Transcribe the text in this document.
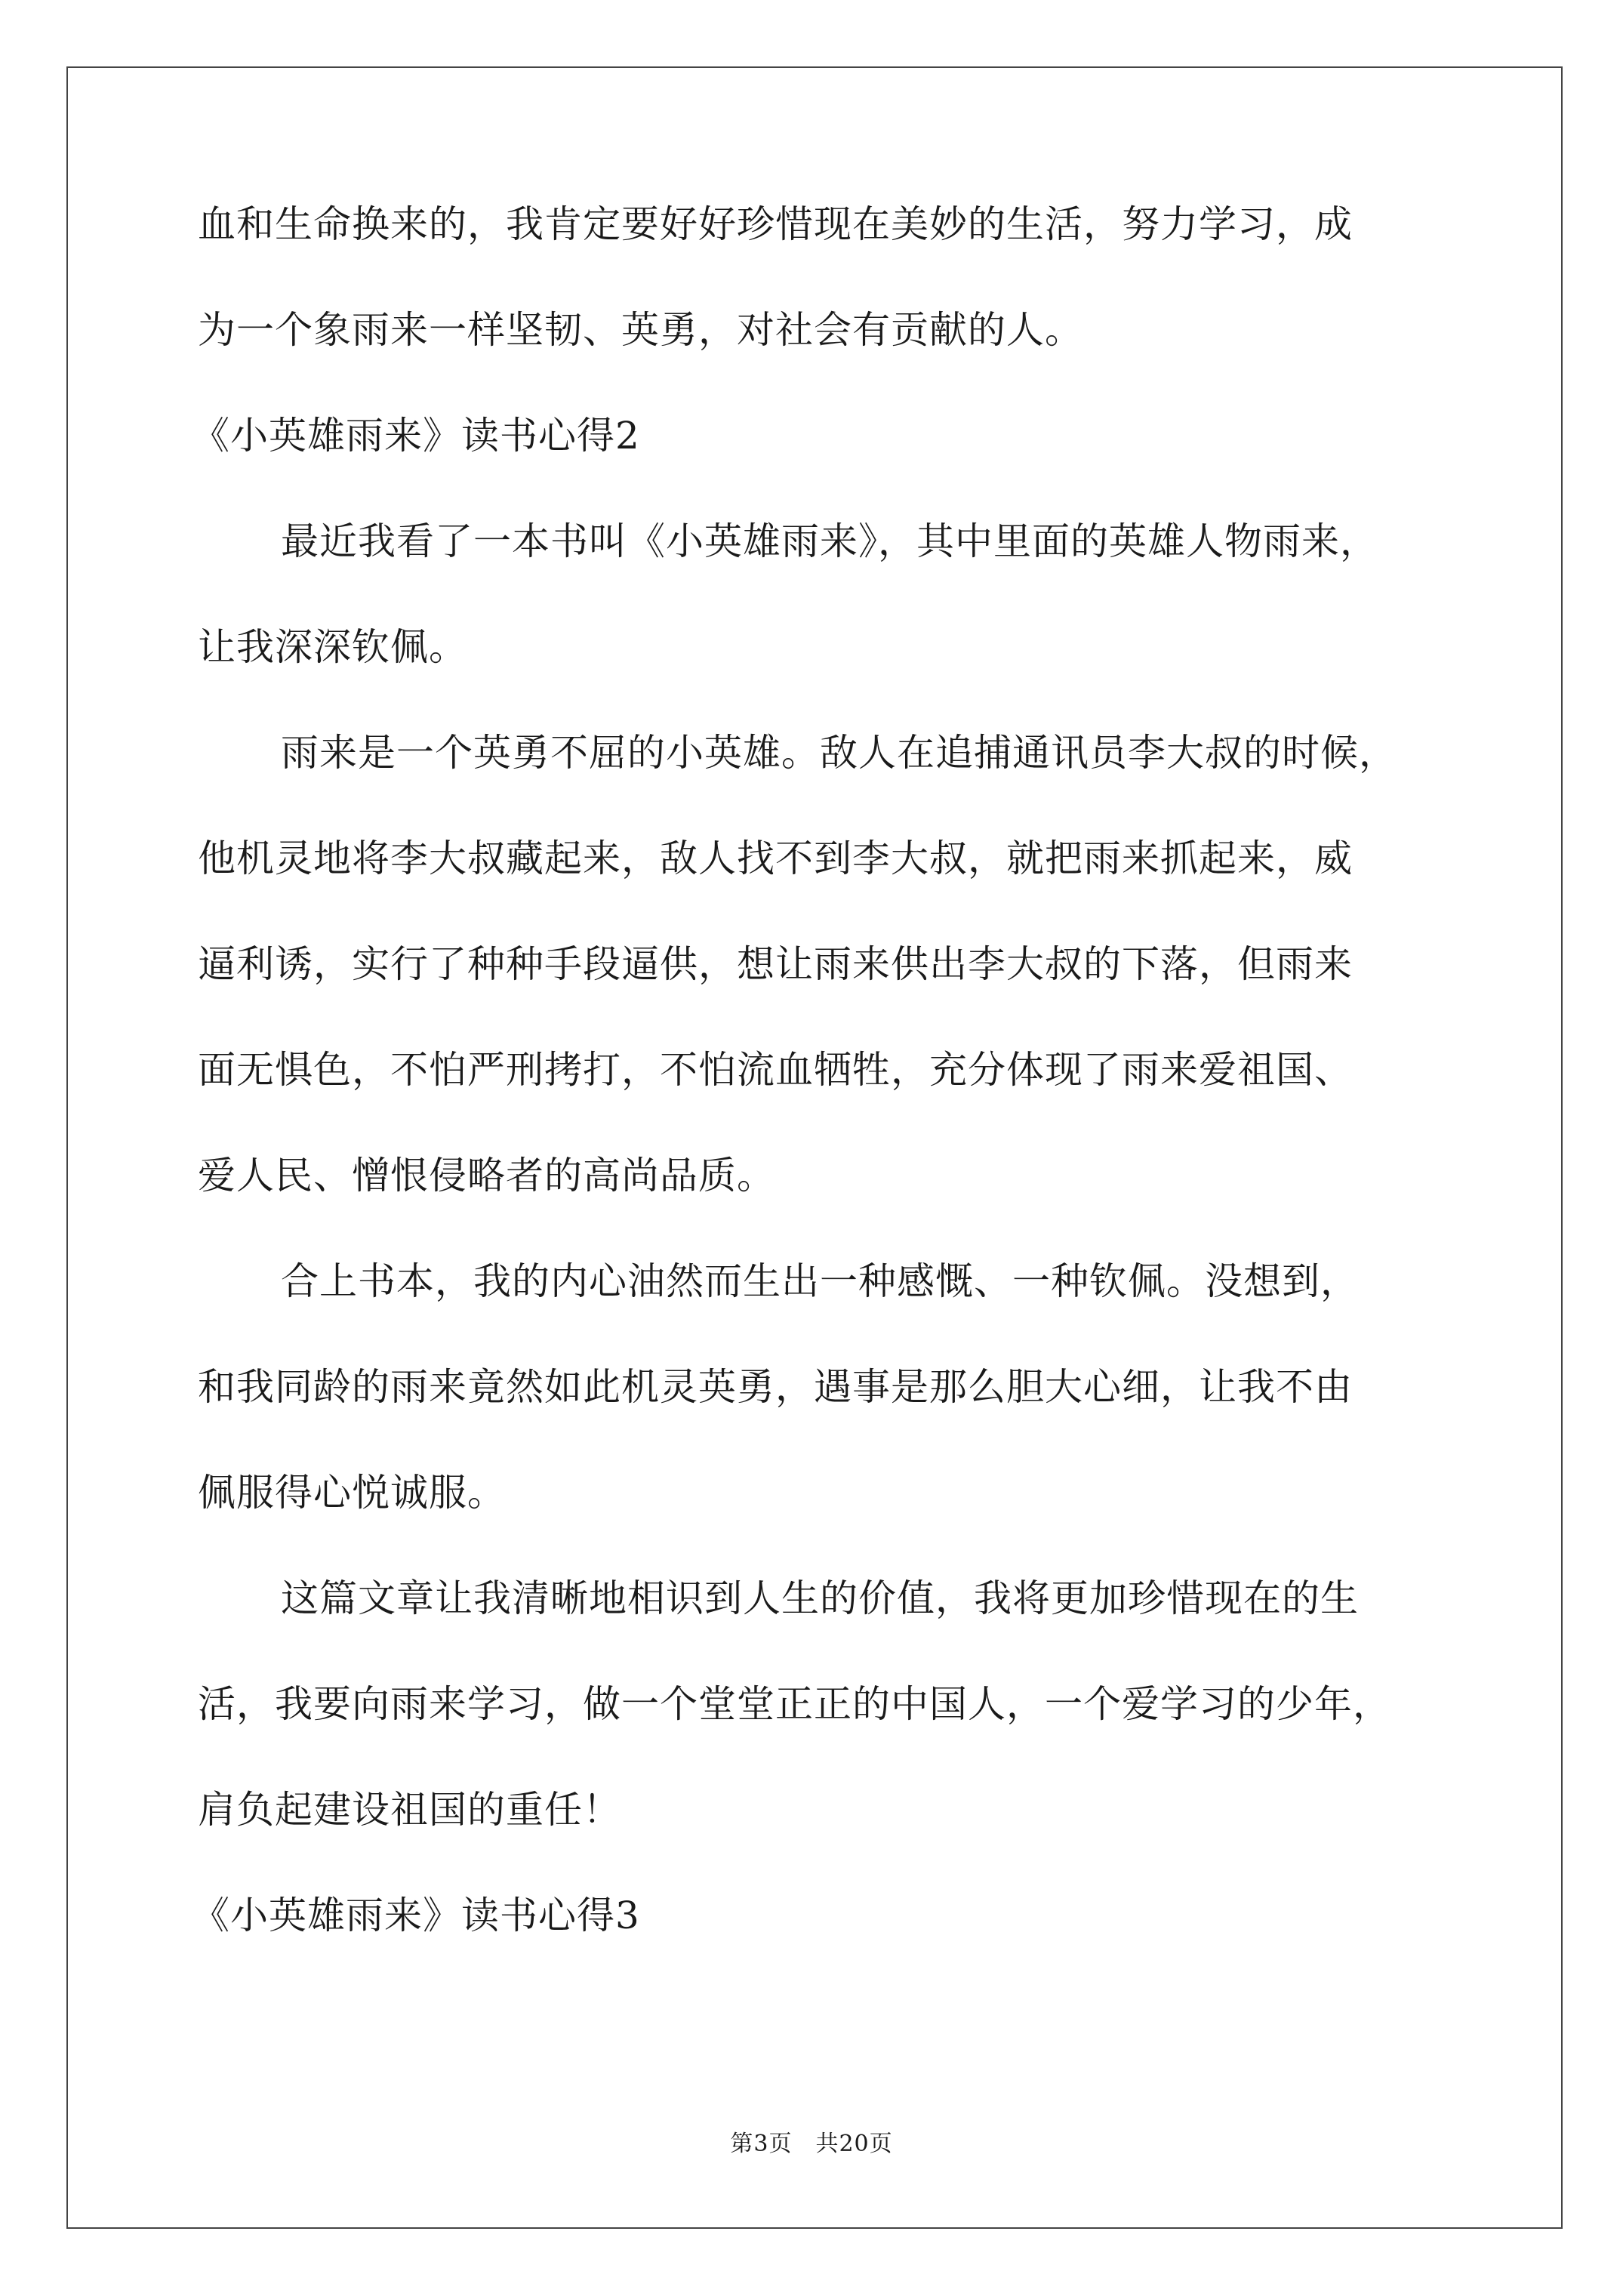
血和生命换来的，我肯定要好好珍惜现在美妙的生活，努力学习，成
为一个象雨来一样坚韧、英勇，对社会有贡献的人。
《小英雄雨来》读书心得2
最近我看了一本书叫《小英雄雨来》，其中里面的英雄人物雨来，
让我深深钦佩。
雨来是一个英勇不屈的小英雄。敌人在追捕通讯员李大叔的时候，
他机灵地将李大叔藏起来，敌人找不到李大叔，就把雨来抓起来，威
逼利诱，实行了种种手段逼供，想让雨来供出李大叔的下落，但雨来
面无惧色，不怕严刑拷打，不怕流血牺牲，充分体现了雨来爱祖国、
爱人民、憎恨侵略者的高尚品质。
合上书本，我的内心油然而生出一种感慨、一种钦佩。没想到，
和我同龄的雨来竟然如此机灵英勇，遇事是那么胆大心细，让我不由
佩服得心悦诚服。
这篇文章让我清晰地相识到人生的价值，我将更加珍惜现在的生
活，我要向雨来学习，做一个堂堂正正的中国人，一个爱学习的少年，
肩负起建设祖国的重任！
《小英雄雨来》读书心得3
第3页　共20页
